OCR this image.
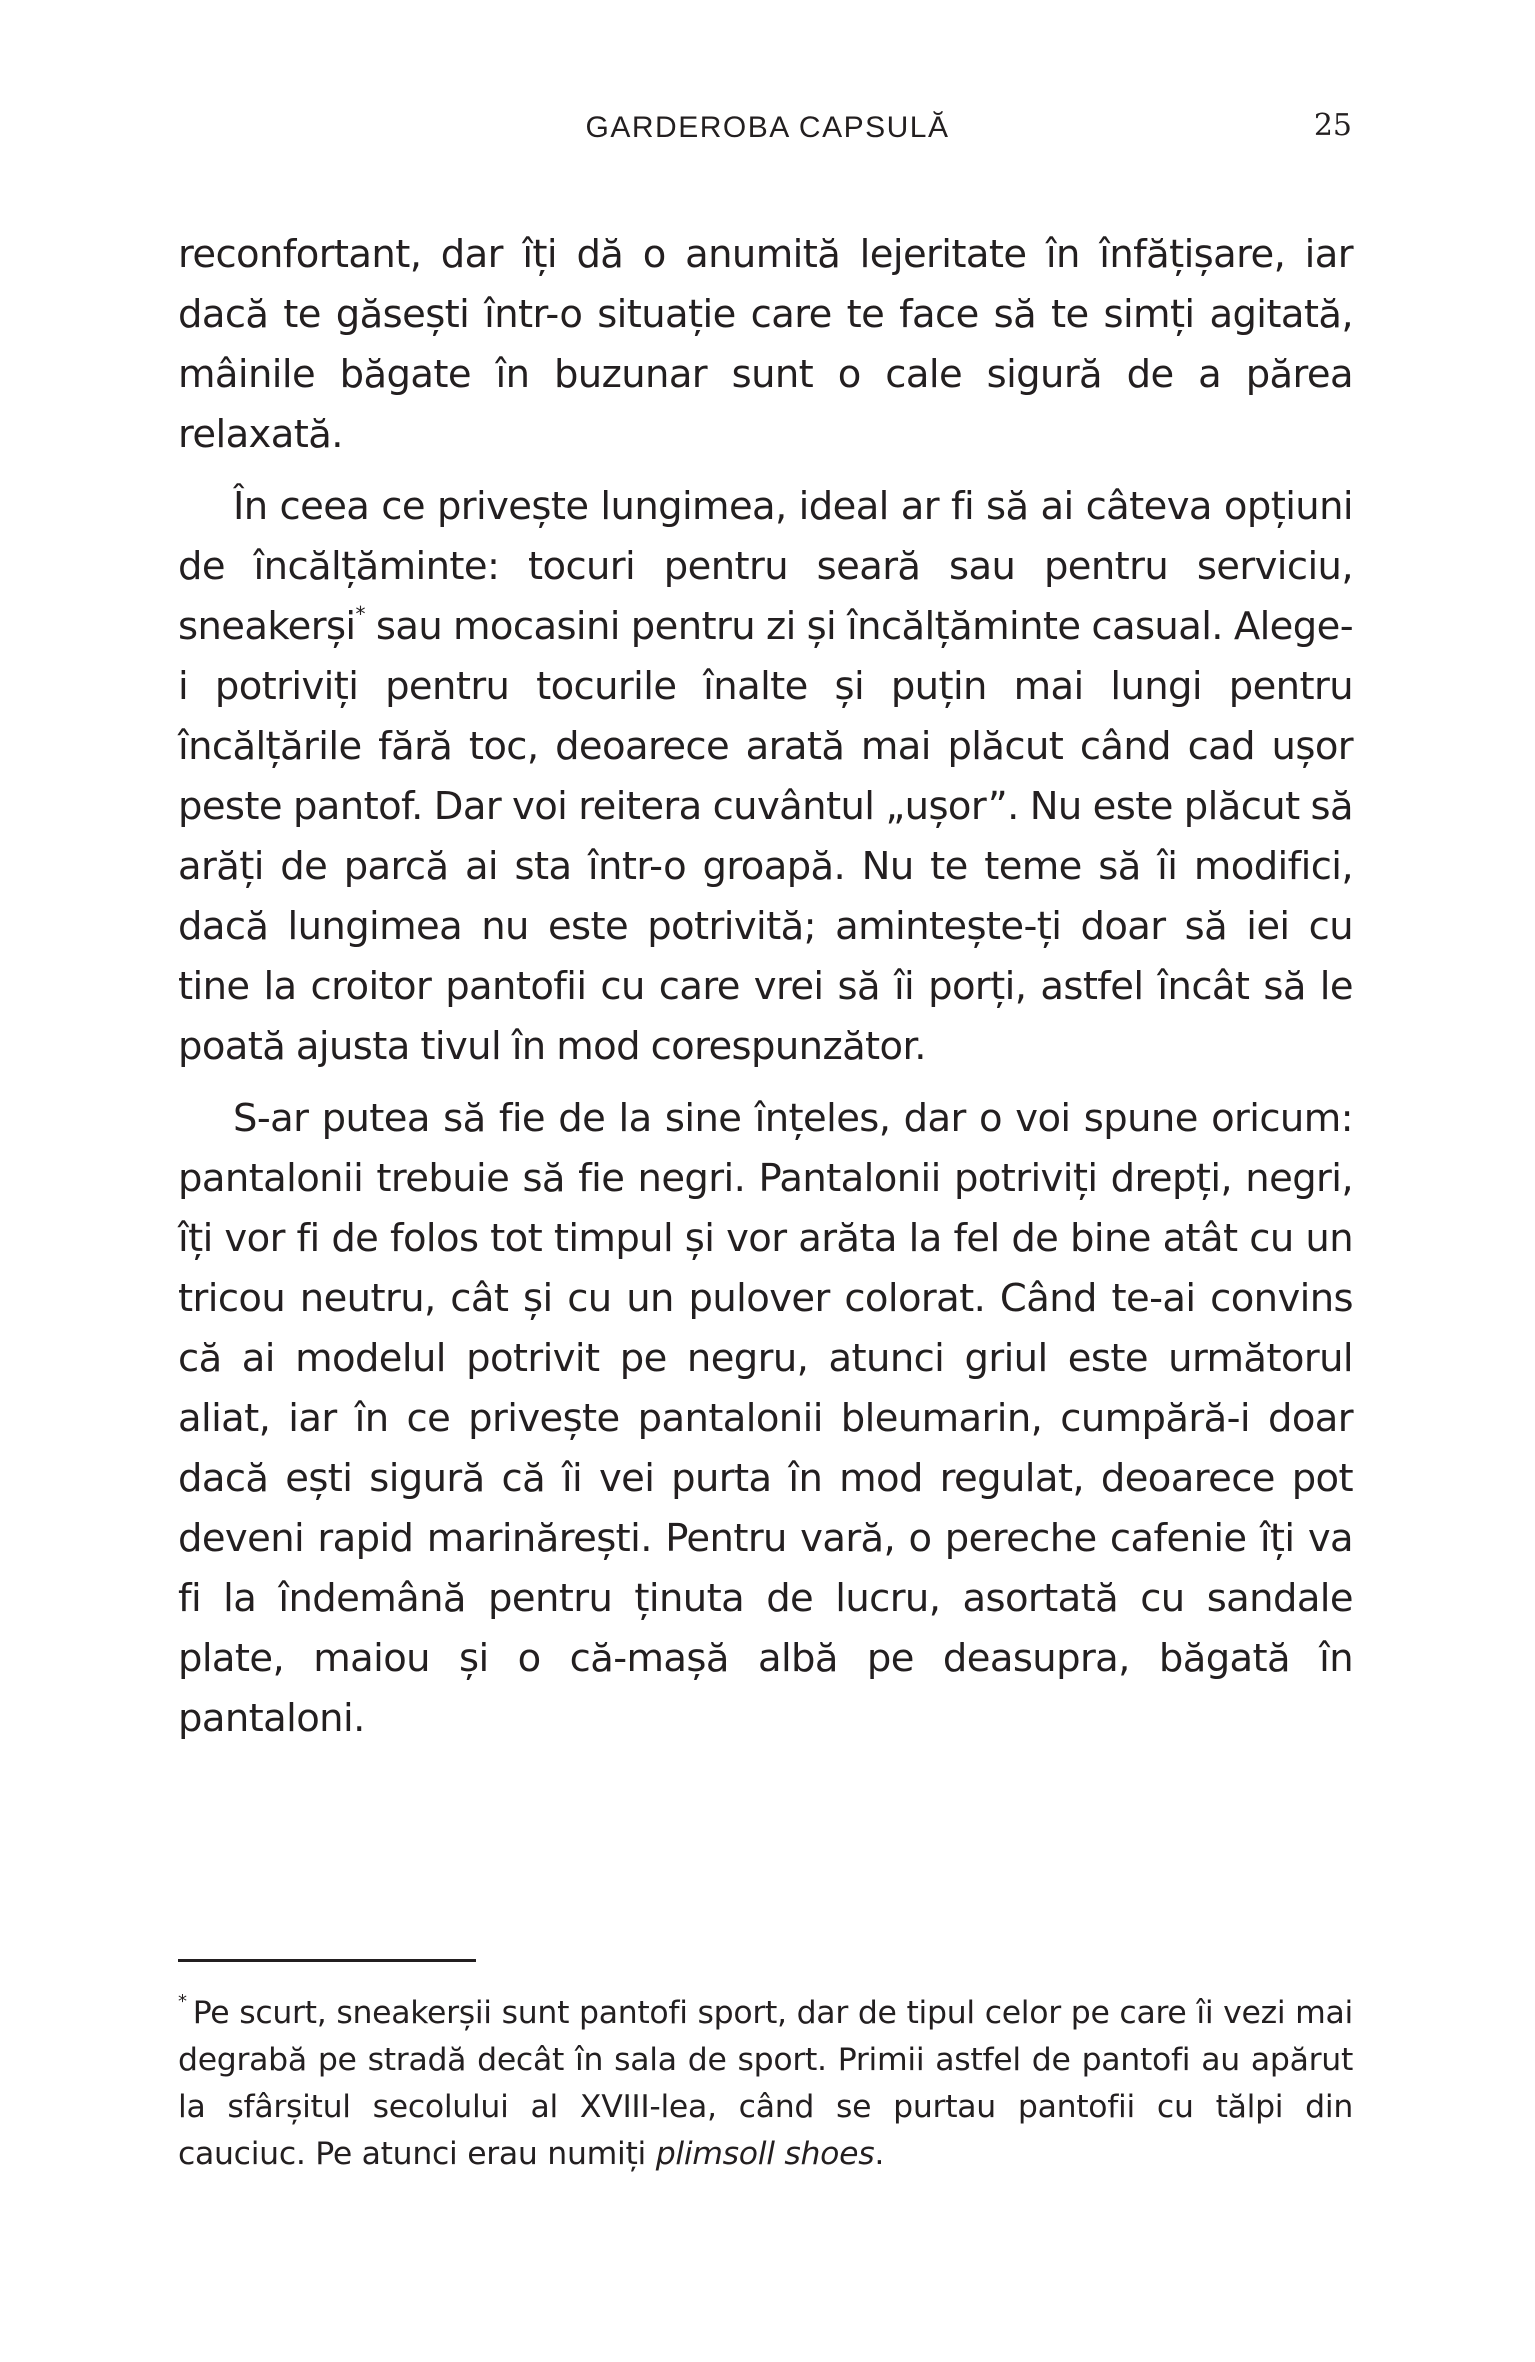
GARDEROBA CAPSULĂ	25

reconfortant, dar îți dă o anumită lejeritate în înfățișare, iar dacă te găsești într-o situație care te face să te simți agitată, mâinile băgate în buzunar sunt o cale sigură de a părea relaxată.

În ceea ce privește lungimea, ideal ar fi să ai câteva opțiuni de încălțăminte: tocuri pentru seară sau pentru serviciu, sneakerși* sau mocasini pentru zi și încălțăminte casual. Alege-i potriviți pentru tocurile înalte și puțin mai lungi pentru încălțările fără toc, deoarece arată mai plăcut când cad ușor peste pantof. Dar voi reitera cuvântul „ușor”. Nu este plăcut să arăți de parcă ai sta într-o groapă. Nu te teme să îi modifici, dacă lungimea nu este potrivită; amintește-ți doar să iei cu tine la croitor pantofii cu care vrei să îi porți, astfel încât să le poată ajusta tivul în mod corespunzător.

S-ar putea să fie de la sine înțeles, dar o voi spune oricum: pantalonii trebuie să fie negri. Pantalonii potriviți drepți, negri, îți vor fi de folos tot timpul și vor arăta la fel de bine atât cu un tricou neutru, cât și cu un pulover colorat. Când te-ai convins că ai modelul potrivit pe negru, atunci griul este următorul aliat, iar în ce privește pantalonii bleumarin, cumpără-i doar dacă ești sigură că îi vei purta în mod regulat, deoarece pot deveni rapid marinărești. Pentru vară, o pereche cafenie îți va fi la îndemână pentru ținuta de lucru, asortată cu sandale plate, maiou și o că-mașă albă pe deasupra, băgată în pantaloni.

* Pe scurt, sneakerșii sunt pantofi sport, dar de tipul celor pe care îi vezi mai degrabă pe stradă decât în sala de sport. Primii astfel de pantofi au apărut la sfârșitul secolului al XVIII-lea, când se purtau pantofii cu tălpi din cauciuc. Pe atunci erau numiți plimsoll shoes.
